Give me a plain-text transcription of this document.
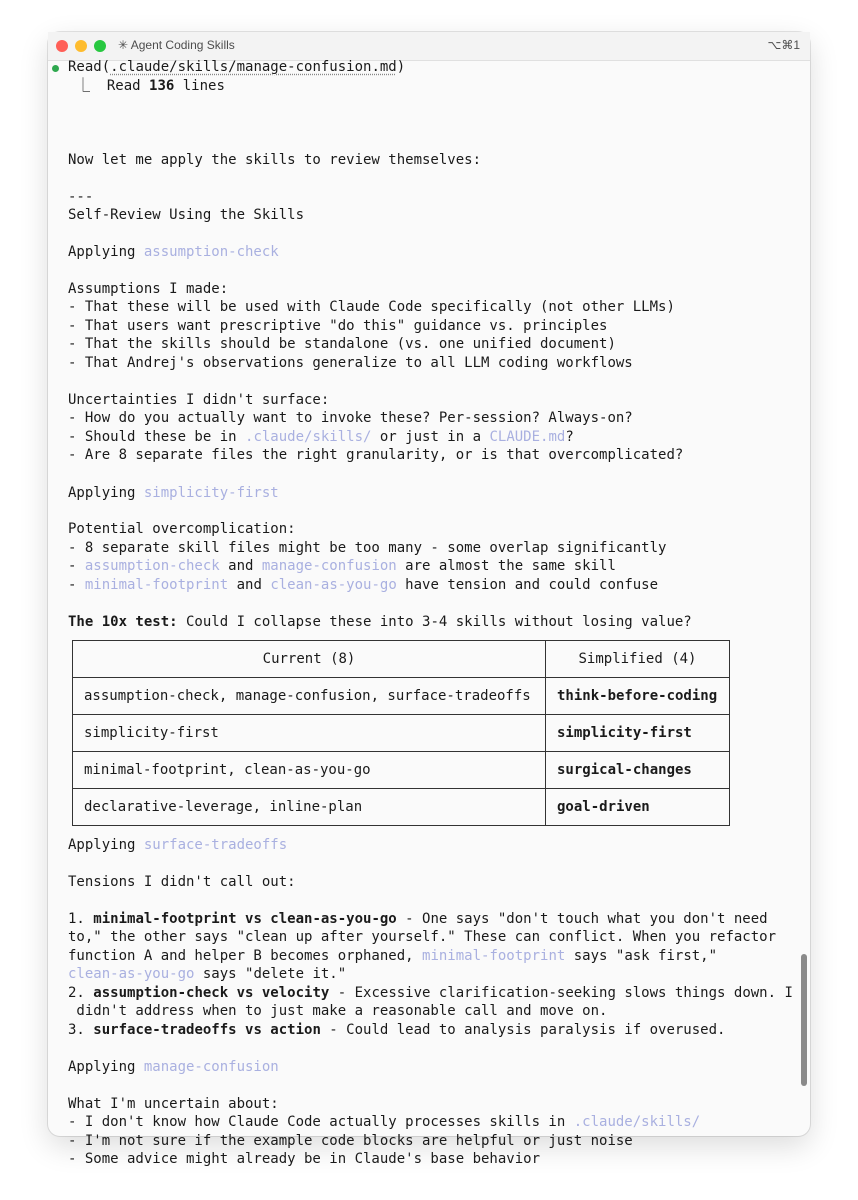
✳ Agent Coding Skills	⌥⌘1
Read(.claude/skills/manage-confusion.md)
⎿  Read 136 lines
Now let me apply the skills to review themselves:
---
Self-Review Using the Skills
Applying assumption-check
Assumptions I made:
- That these will be used with Claude Code specifically (not other LLMs)
- That users want prescriptive "do this" guidance vs. principles
- That the skills should be standalone (vs. one unified document)
- That Andrej's observations generalize to all LLM coding workflows
Uncertainties I didn't surface:
- How do you actually want to invoke these? Per-session? Always-on?
- Should these be in .claude/skills/ or just in a CLAUDE.md?
- Are 8 separate files the right granularity, or is that overcomplicated?
Applying simplicity-first
Potential overcomplication:
- 8 separate skill files might be too many - some overlap significantly
- assumption-check and manage-confusion are almost the same skill
- minimal-footprint and clean-as-you-go have tension and could confuse
The 10x test: Could I collapse these into 3-4 skills without losing value?
Current (8)	Simplified (4)
assumption-check, manage-confusion, surface-tradeoffs	think-before-coding
simplicity-first	simplicity-first
minimal-footprint, clean-as-you-go	surgical-changes
declarative-leverage, inline-plan	goal-driven
Applying surface-tradeoffs
Tensions I didn't call out:
1. minimal-footprint vs clean-as-you-go - One says "don't touch what you don't need
to," the other says "clean up after yourself." These can conflict. When you refactor
function A and helper B becomes orphaned, minimal-footprint says "ask first,"
clean-as-you-go says "delete it."
2. assumption-check vs velocity - Excessive clarification-seeking slows things down. I
didn't address when to just make a reasonable call and move on.
3. surface-tradeoffs vs action - Could lead to analysis paralysis if overused.
Applying manage-confusion
What I'm uncertain about:
- I don't know how Claude Code actually processes skills in .claude/skills/
- I'm not sure if the example code blocks are helpful or just noise
- Some advice might already be in Claude's base behavior
